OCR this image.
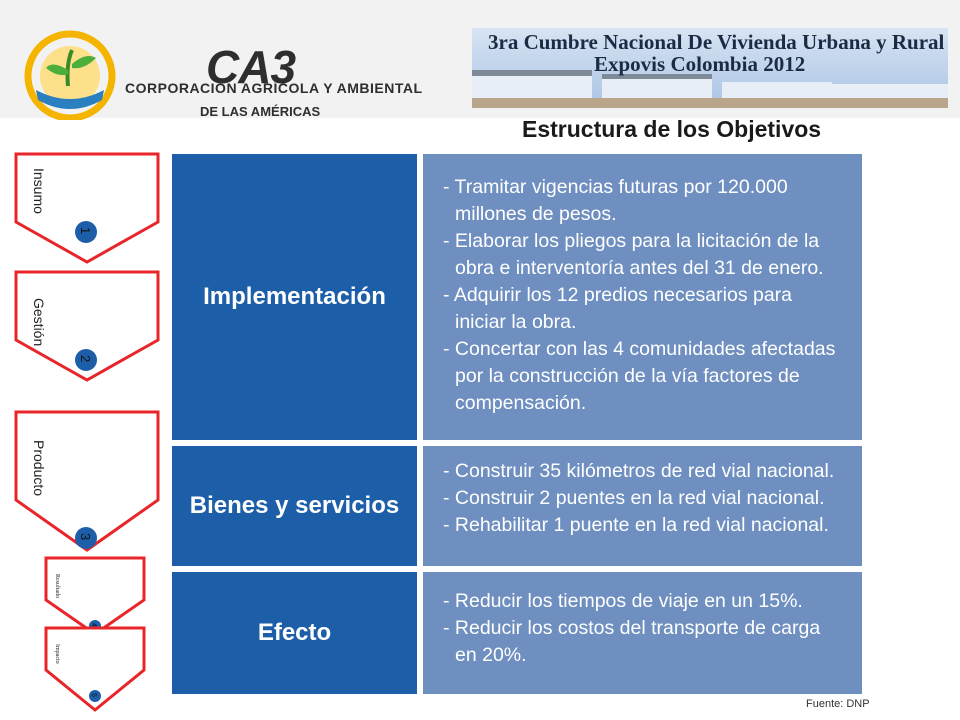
CA3
CORPORACIÓN AGRÍCOLA Y AMBIENTAL
DE LAS AMÉRICAS
3ra Cumbre Nacional De Vivienda Urbana y Rural
Expovis Colombia 2012
Estructura de los Objetivos
Insumo
1
Gestión
2
Producto
3
Resultado
4
Impacto
5
Implementación
- Tramitar vigencias futuras por 120.000
millones de pesos.
- Elaborar los pliegos para la licitación de la
obra e interventoría antes del 31 de enero.
- Adquirir los 12 predios necesarios para
iniciar la obra.
- Concertar con las 4 comunidades afectadas
por la construcción de la vía factores de
compensación.
Bienes y servicios
- Construir 35 kilómetros de red vial nacional.
- Construir 2 puentes en la red vial nacional.
- Rehabilitar 1 puente en la red vial nacional.
Efecto
- Reducir los tiempos de viaje en un 15%.
- Reducir los costos del transporte de carga
en 20%.
Fuente: DNP
